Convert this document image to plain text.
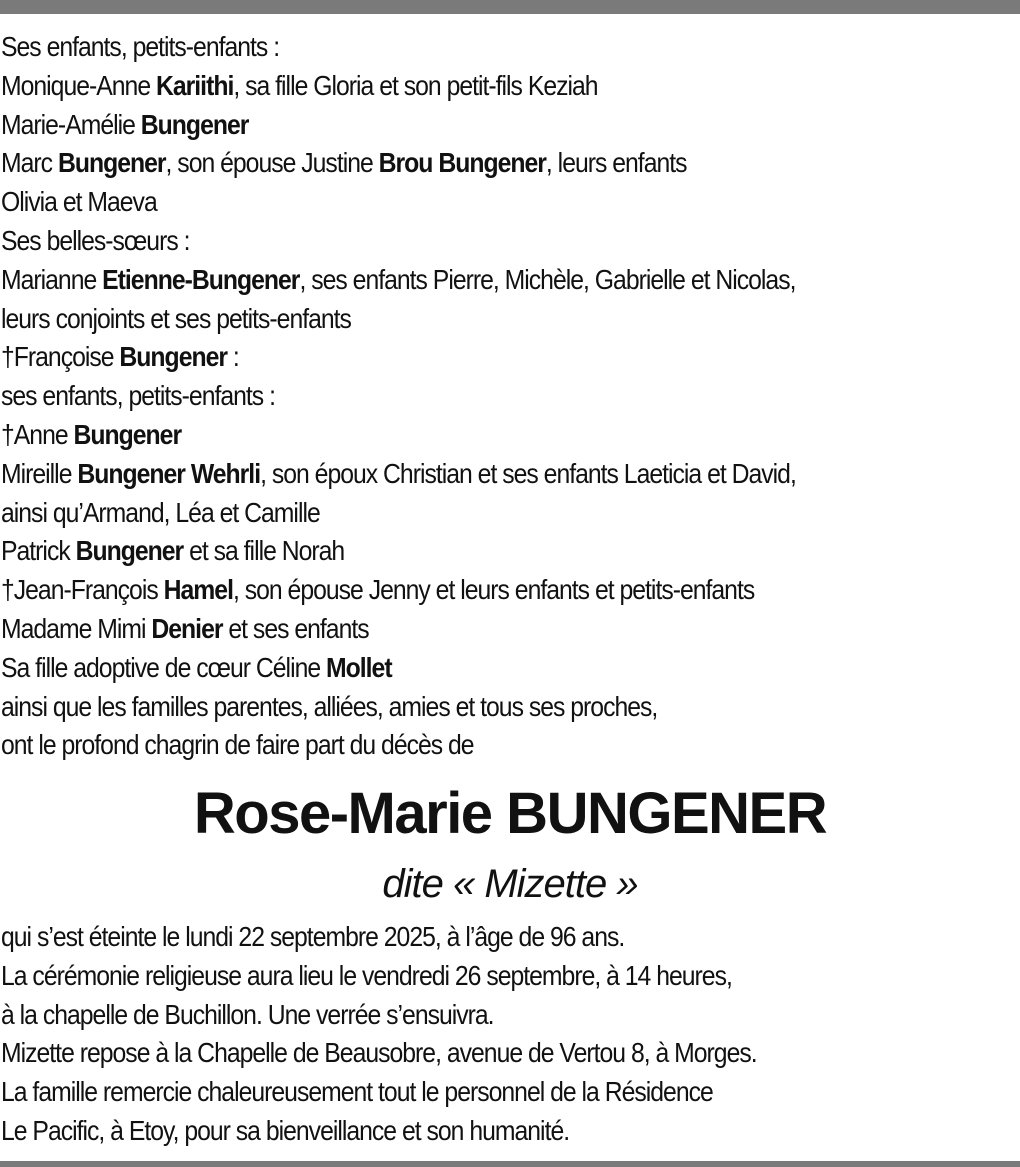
Ses enfants, petits-enfants :
Monique-Anne Kariithi, sa fille Gloria et son petit-fils Keziah
Marie-Amélie Bungener
Marc Bungener, son épouse Justine Brou Bungener, leurs enfants
Olivia et Maeva
Ses belles-sœurs :
Marianne Etienne-Bungener, ses enfants Pierre, Michèle, Gabrielle et Nicolas,
leurs conjoints et ses petits-enfants
†Françoise Bungener :
ses enfants, petits-enfants :
†Anne Bungener
Mireille Bungener Wehrli, son époux Christian et ses enfants Laeticia et David,
ainsi qu’Armand, Léa et Camille
Patrick Bungener et sa fille Norah
†Jean-François Hamel, son épouse Jenny et leurs enfants et petits-enfants
Madame Mimi Denier et ses enfants
Sa fille adoptive de cœur Céline Mollet
ainsi que les familles parentes, alliées, amies et tous ses proches,
ont le profond chagrin de faire part du décès de
Rose-Marie BUNGENER
dite « Mizette »
qui s’est éteinte le lundi 22 septembre 2025, à l’âge de 96 ans.
La cérémonie religieuse aura lieu le vendredi 26 septembre, à 14 heures,
à la chapelle de Buchillon. Une verrée s’ensuivra.
Mizette repose à la Chapelle de Beausobre, avenue de Vertou 8, à Morges.
La famille remercie chaleureusement tout le personnel de la Résidence
Le Pacific, à Etoy, pour sa bienveillance et son humanité.
